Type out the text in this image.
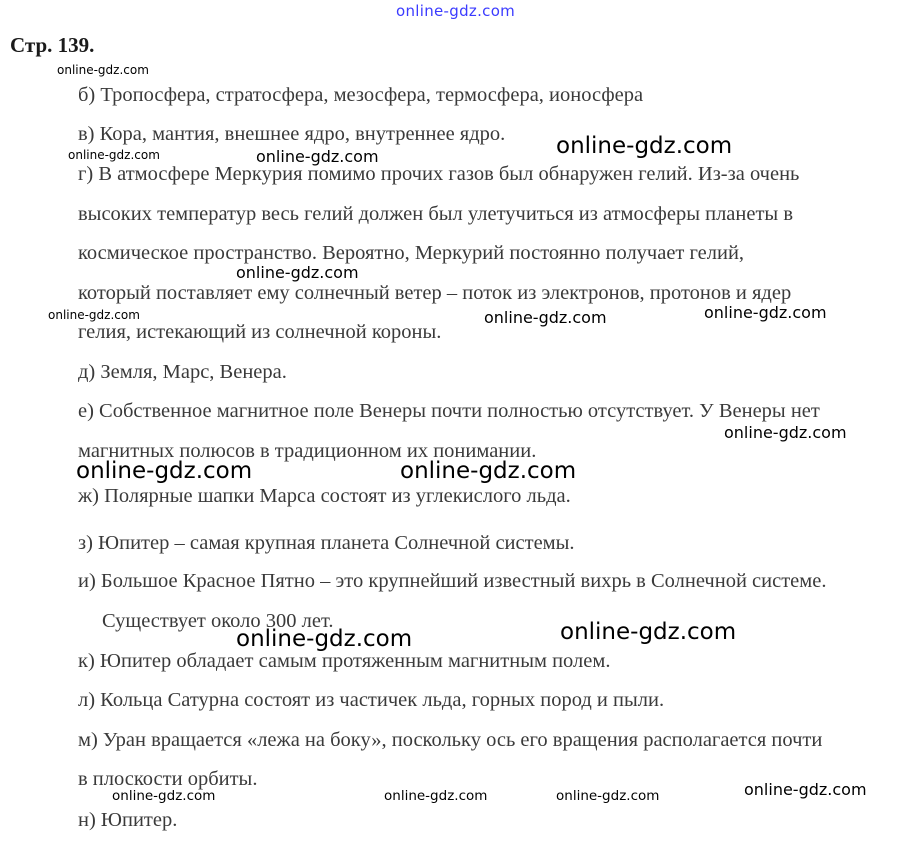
online-gdz.com
Стр. 139.
б) Тропосфера, стратосфера, мезосфера, термосфера, ионосфера
в) Кора, мантия, внешнее ядро, внутреннее ядро.
г) В атмосфере Меркурия помимо прочих газов был обнаружен гелий. Из-за очень
высоких температур весь гелий должен был улетучиться из атмосферы планеты в
космическое пространство. Вероятно, Меркурий постоянно получает гелий,
который поставляет ему солнечный ветер – поток из электронов, протонов и ядер
гелия, истекающий из солнечной короны.
д) Земля, Марс, Венера.
е) Собственное магнитное поле Венеры почти полностью отсутствует. У Венеры нет
магнитных полюсов в традиционном их понимании.
ж) Полярные шапки Марса состоят из углекислого льда.
з) Юпитер – самая крупная планета Солнечной системы.
и) Большое Красное Пятно – это крупнейший известный вихрь в Солнечной системе.
Существует около 300 лет.
к) Юпитер обладает самым протяженным магнитным полем.
л) Кольца Сатурна состоят из частичек льда, горных пород и пыли.
м) Уран вращается «лежа на боку», поскольку ось его вращения располагается почти
в плоскости орбиты.
н) Юпитер.
online-gdz.com
online-gdz.com	online-gdz.com	online-gdz.com
online-gdz.com
online-gdz.com	online-gdz.com	online-gdz.com
online-gdz.com
online-gdz.com	online-gdz.com
online-gdz.com	online-gdz.com
online-gdz.com
online-gdz.com	online-gdz.com	online-gdz.com
